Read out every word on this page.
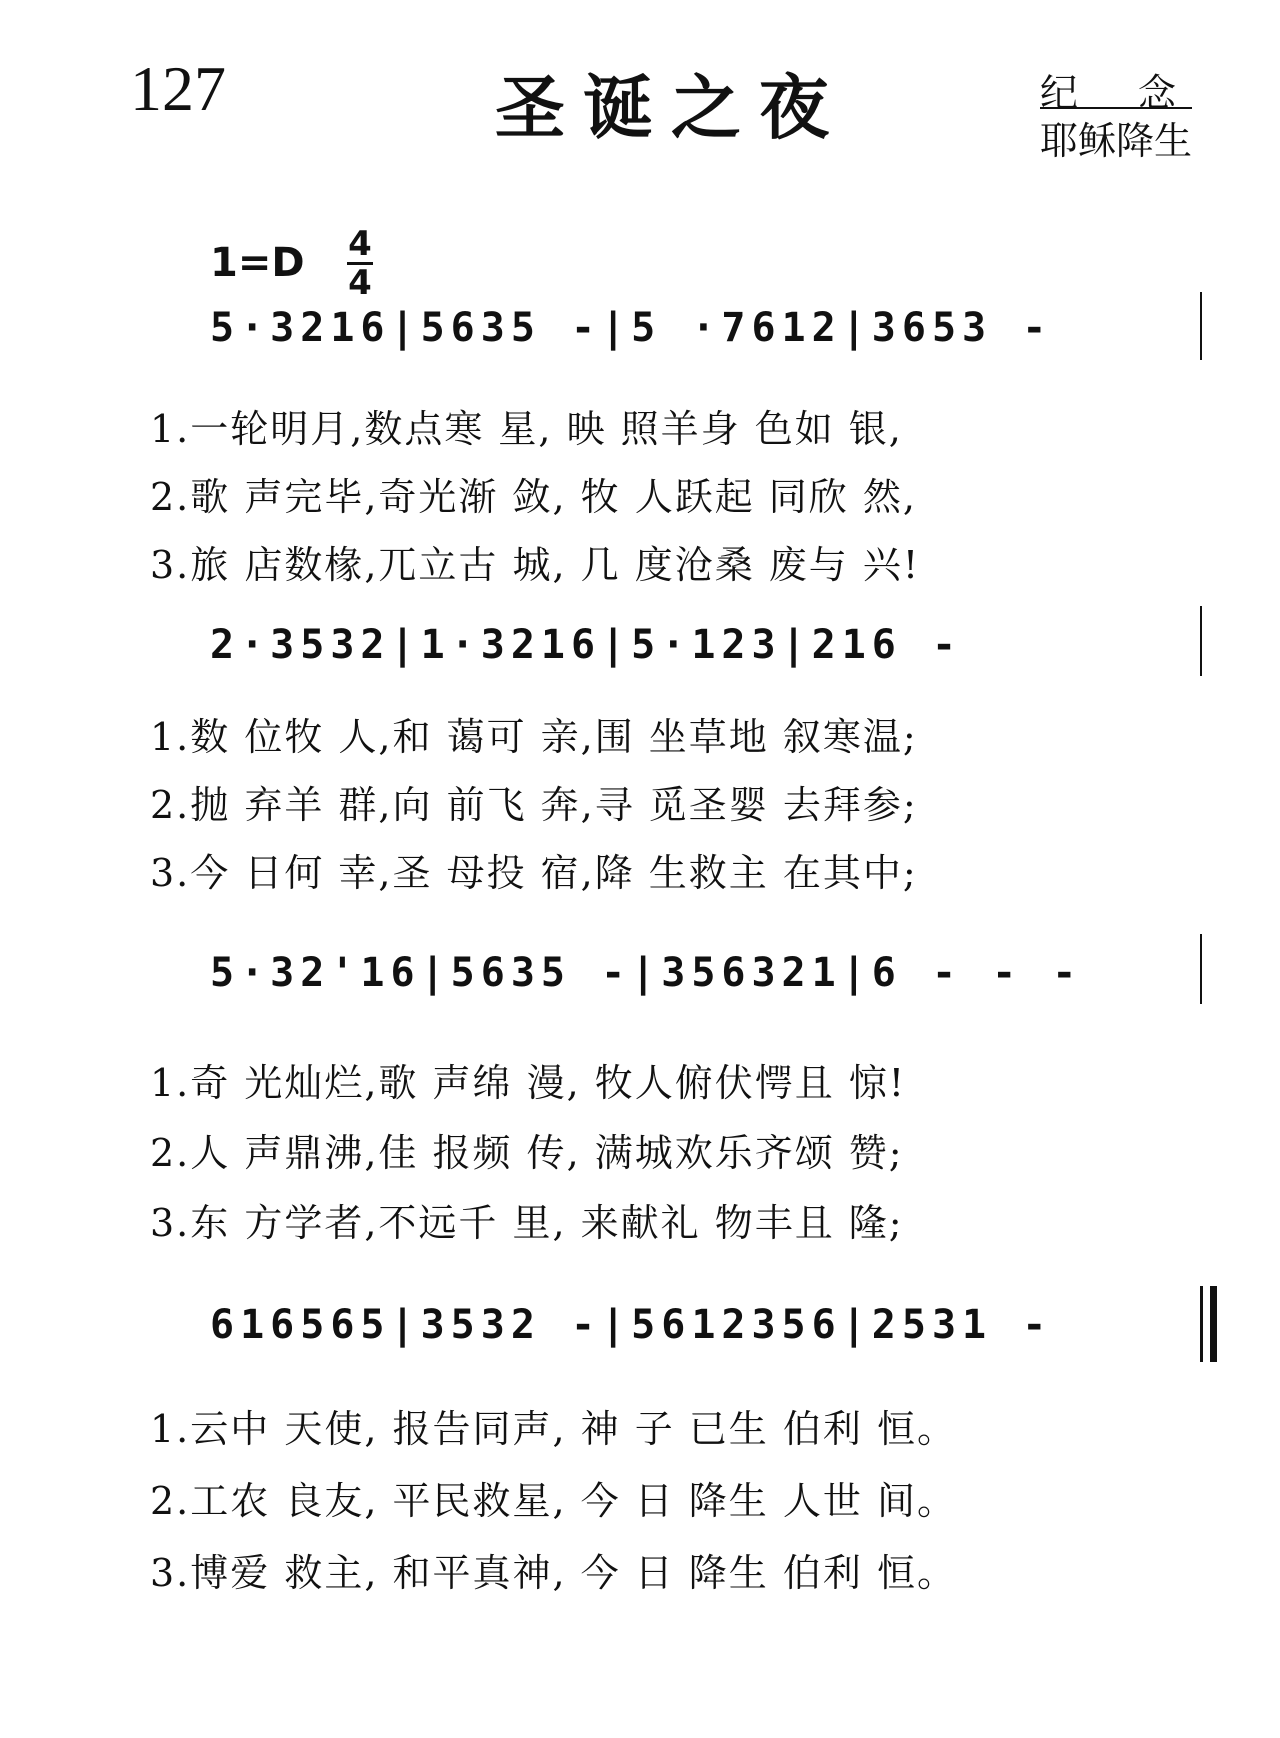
127	圣诞之夜	纪念
耶稣降生
1=D 4
4
5·3216|5635 -|5 ·7612|3653 -
1.一轮明月,数点寒 星, 映 照羊身 色如 银,
2.歌 声完毕,奇光渐 敛, 牧 人跃起 同欣 然,
3.旅 店数椽,兀立古 城, 几 度沧桑 废与 兴!
2·3532|1·3216|5·123|216 -
1.数 位牧 人,和 蔼可 亲,围 坐草地 叙寒温;
2.抛 弃羊 群,向 前飞 奔,寻 觅圣婴 去拜参;
3.今 日何 幸,圣 母投 宿,降 生救主 在其中;
5·32'16|5635 -|356321|6 - - -
1.奇 光灿烂,歌 声绵 漫, 牧人俯伏愕且 惊!
2.人 声鼎沸,佳 报频 传, 满城欢乐齐颂 赞;
3.东 方学者,不远千 里, 来献礼 物丰且 隆;
616565|3532 -|5612356|2531 -
1.云中 天使, 报告同声, 神 子 已生 伯利 恒。
2.工农 良友, 平民救星, 今 日 降生 人世 间。
3.博爱 救主, 和平真神, 今 日 降生 伯利 恒。
